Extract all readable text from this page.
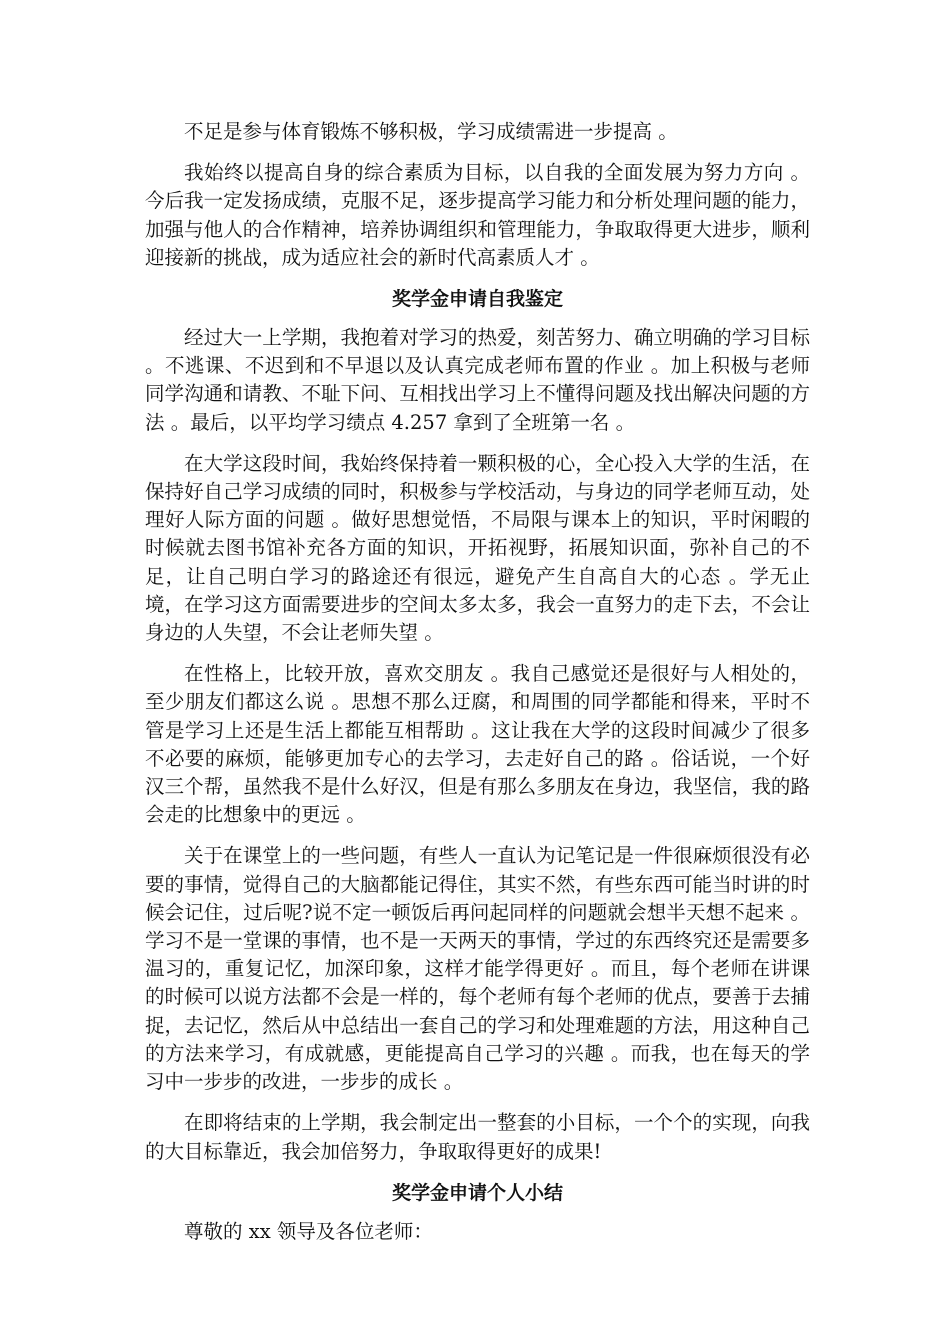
不足是参与体育锻炼不够积极，学习成绩需进一步提高 。

我始终以提高自身的综合素质为目标，以自我的全面发展为努力方向 。今后我一定发扬成绩，克服不足，逐步提高学习能力和分析处理问题的能力，加强与他人的合作精神，培养协调组织和管理能力，争取取得更大进步，顺利迎接新的挑战，成为适应社会的新时代高素质人才 。

奖学金申请自我鉴定

经过大一上学期，我抱着对学习的热爱，刻苦努力、确立明确的学习目标 。不逃课、不迟到和不早退以及认真完成老师布置的作业 。加上积极与老师同学沟通和请教、不耻下问、互相找出学习上不懂得问题及找出解决问题的方法 。最后，以平均学习绩点 4.257 拿到了全班第一名 。

在大学这段时间，我始终保持着一颗积极的心，全心投入大学的生活，在保持好自己学习成绩的同时，积极参与学校活动，与身边的同学老师互动，处理好人际方面的问题 。做好思想觉悟，不局限与课本上的知识，平时闲暇的时候就去图书馆补充各方面的知识，开拓视野，拓展知识面，弥补自己的不足，让自己明白学习的路途还有很远，避免产生自高自大的心态 。学无止境，在学习这方面需要进步的空间太多太多，我会一直努力的走下去，不会让身边的人失望，不会让老师失望 。

在性格上，比较开放，喜欢交朋友 。我自己感觉还是很好与人相处的，至少朋友们都这么说 。思想不那么迂腐，和周围的同学都能和得来，平时不管是学习上还是生活上都能互相帮助 。这让我在大学的这段时间减少了很多不必要的麻烦，能够更加专心的去学习，去走好自己的路 。俗话说，一个好汉三个帮，虽然我不是什么好汉，但是有那么多朋友在身边，我坚信，我的路会走的比想象中的更远 。

关于在课堂上的一些问题，有些人一直认为记笔记是一件很麻烦很没有必要的事情，觉得自己的大脑都能记得住，其实不然，有些东西可能当时讲的时候会记住，过后呢?说不定一顿饭后再问起同样的问题就会想半天想不起来 。学习不是一堂课的事情，也不是一天两天的事情，学过的东西终究还是需要多温习的，重复记忆，加深印象，这样才能学得更好 。而且，每个老师在讲课的时候可以说方法都不会是一样的，每个老师有每个老师的优点，要善于去捕捉，去记忆，然后从中总结出一套自己的学习和处理难题的方法，用这种自己的方法来学习，有成就感，更能提高自己学习的兴趣 。而我，也在每天的学习中一步步的改进，一步步的成长 。

在即将结束的上学期，我会制定出一整套的小目标，一个个的实现，向我的大目标靠近，我会加倍努力，争取取得更好的成果!

奖学金申请个人小结

尊敬的 xx 领导及各位老师：
